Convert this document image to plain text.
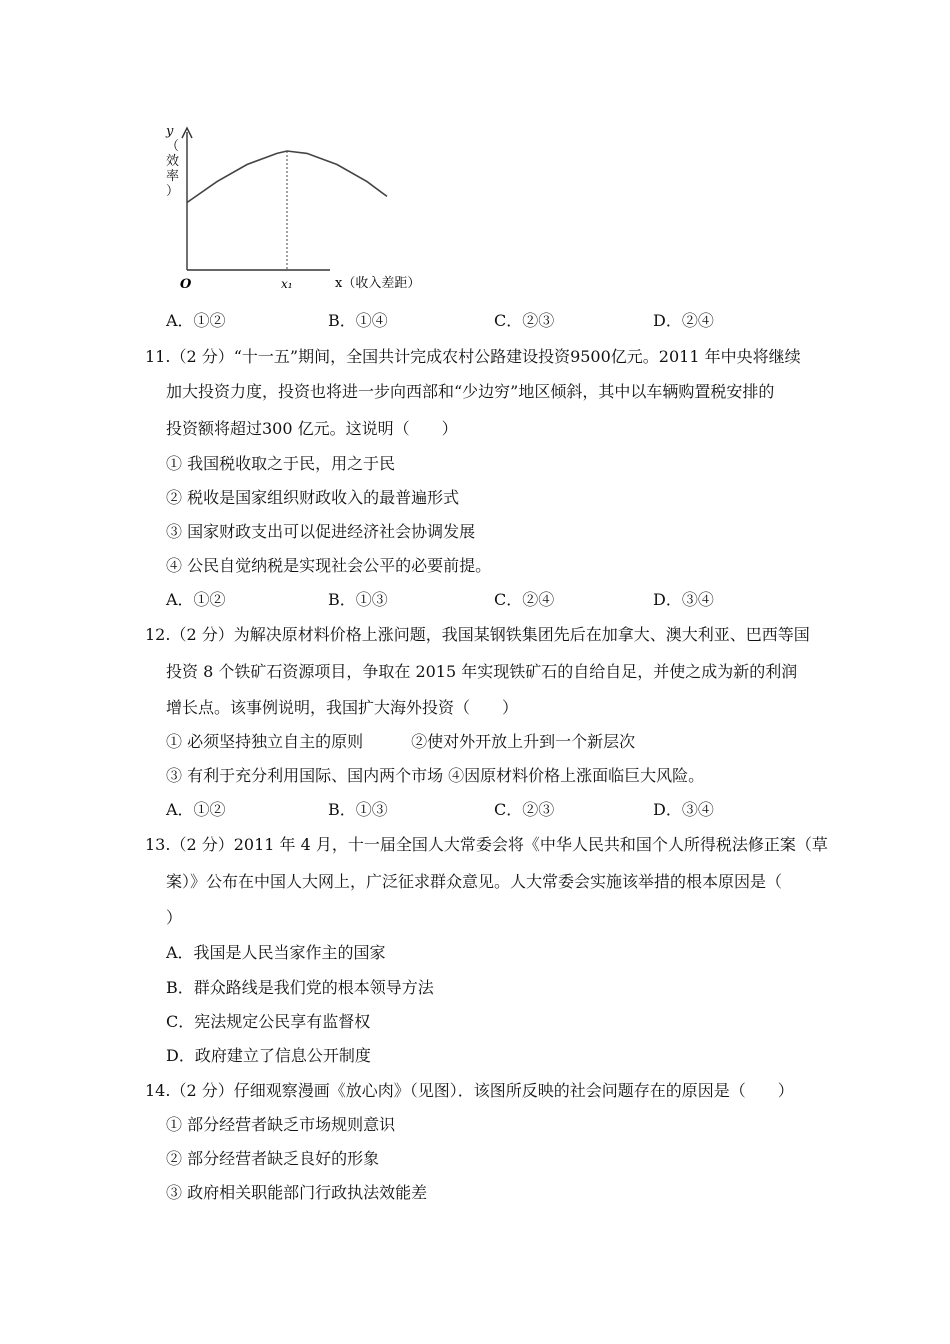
O	x₁	x（收入差距）
y
（
效
率
）
A．①②	B．①④	C．②③	D．②④
11.（2 分）“十一五”期间，全国共计完成农村公路建设投资9500亿元。2011 年中央将继续
加大投资力度，投资也将进一步向西部和“少边穷”地区倾斜，其中以车辆购置税安排的
投资额将超过300 亿元。这说明（　　）
① 我国税收取之于民，用之于民
② 税收是国家组织财政收入的最普遍形式
③ 国家财政支出可以促进经济社会协调发展
④ 公民自觉纳税是实现社会公平的必要前提。
A．①②	B．①③	C．②④	D．③④
12.（2 分）为解决原材料价格上涨问题，我国某钢铁集团先后在加拿大、澳大利亚、巴西等国
投资 8 个铁矿石资源项目，争取在 2015 年实现铁矿石的自给自足，并使之成为新的利润
增长点。该事例说明，我国扩大海外投资（　　）
① 必须坚持独立自主的原则　　　②使对外开放上升到一个新层次
③ 有利于充分利用国际、国内两个市场 ④因原材料价格上涨面临巨大风险。
A．①②	B．①③	C．②③	D．③④
13.（2 分）2011 年 4 月，十一届全国人大常委会将《中华人民共和国个人所得税法修正案（草
案）》公布在中国人大网上，广泛征求群众意见。人大常委会实施该举措的根本原因是（
）
A．我国是人民当家作主的国家
B．群众路线是我们党的根本领导方法
C．宪法规定公民享有监督权
D．政府建立了信息公开制度
14.（2 分）仔细观察漫画《放心肉》（见图）．该图所反映的社会问题存在的原因是（　　）
① 部分经营者缺乏市场规则意识
② 部分经营者缺乏良好的形象
③ 政府相关职能部门行政执法效能差
